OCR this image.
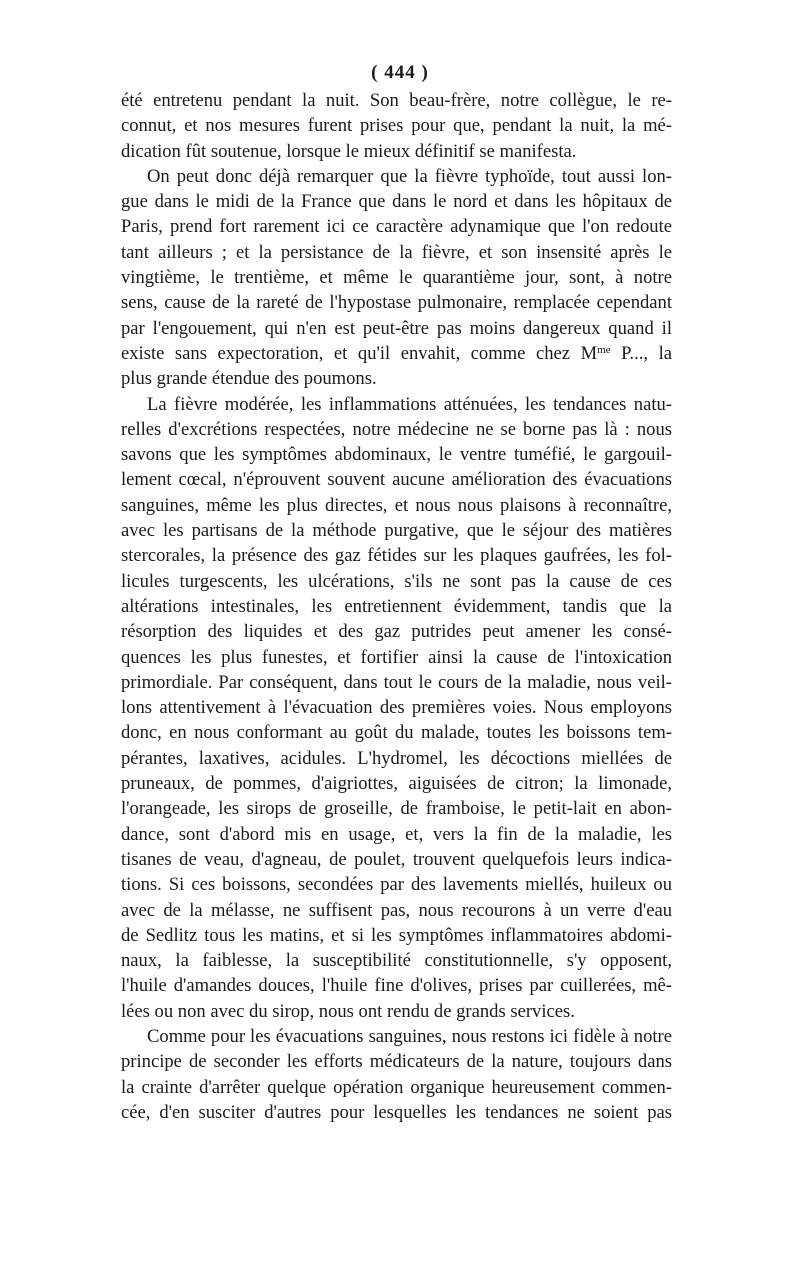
( 444 )
été entretenu pendant la nuit. Son beau-frère, notre collègue, le re-
connut, et nos mesures furent prises pour que, pendant la nuit, la mé-
dication fût soutenue, lorsque le mieux définitif se manifesta.
On peut donc déjà remarquer que la fièvre typhoïde, tout aussi lon-
gue dans le midi de la France que dans le nord et dans les hôpitaux de
Paris, prend fort rarement ici ce caractère adynamique que l'on redoute
tant ailleurs ; et la persistance de la fièvre, et son insensité après le
vingtième, le trentième, et même le quarantième jour, sont, à notre
sens, cause de la rareté de l'hypostase pulmonaire, remplacée cependant
par l'engouement, qui n'en est peut-être pas moins dangereux quand il
existe sans expectoration, et qu'il envahit, comme chez $M^{me}$ P..., la
plus grande étendue des poumons.
La fièvre modérée, les inflammations atténuées, les tendances natu-
relles d'excrétions respectées, notre médecine ne se borne pas là : nous
savons que les symptômes abdominaux, le ventre tuméfié, le gargouil-
lement cœcal, n'éprouvent souvent aucune amélioration des évacuations
sanguines, même les plus directes, et nous nous plaisons à reconnaître,
avec les partisans de la méthode purgative, que le séjour des matières
stercorales, la présence des gaz fétides sur les plaques gaufrées, les fol-
licules turgescents, les ulcérations, s'ils ne sont pas la cause de ces
altérations intestinales, les entretiennent évidemment, tandis que la
résorption des liquides et des gaz putrides peut amener les consé-
quences les plus funestes, et fortifier ainsi la cause de l'intoxication
primordiale. Par conséquent, dans tout le cours de la maladie, nous veil-
lons attentivement à l'évacuation des premières voies. Nous employons
donc, en nous conformant au goût du malade, toutes les boissons tem-
pérantes, laxatives, acidules. L'hydromel, les décoctions miellées de
pruneaux, de pommes, d'aigriottes, aiguisées de citron; la limonade,
l'orangeade, les sirops de groseille, de framboise, le petit-lait en abon-
dance, sont d'abord mis en usage, et, vers la fin de la maladie, les
tisanes de veau, d'agneau, de poulet, trouvent quelquefois leurs indica-
tions. Si ces boissons, secondées par des lavements miellés, huileux ou
avec de la mélasse, ne suffisent pas, nous recourons à un verre d'eau
de Sedlitz tous les matins, et si les symptômes inflammatoires abdomi-
naux, la faiblesse, la susceptibilité constitutionnelle, s'y opposent,
l'huile d'amandes douces, l'huile fine d'olives, prises par cuillerées, mê-
lées ou non avec du sirop, nous ont rendu de grands services.
Comme pour les évacuations sanguines, nous restons ici fidèle à notre
principe de seconder les efforts médicateurs de la nature, toujours dans
la crainte d'arrêter quelque opération organique heureusement commen-
cée, d'en susciter d'autres pour lesquelles les tendances ne soient pas
